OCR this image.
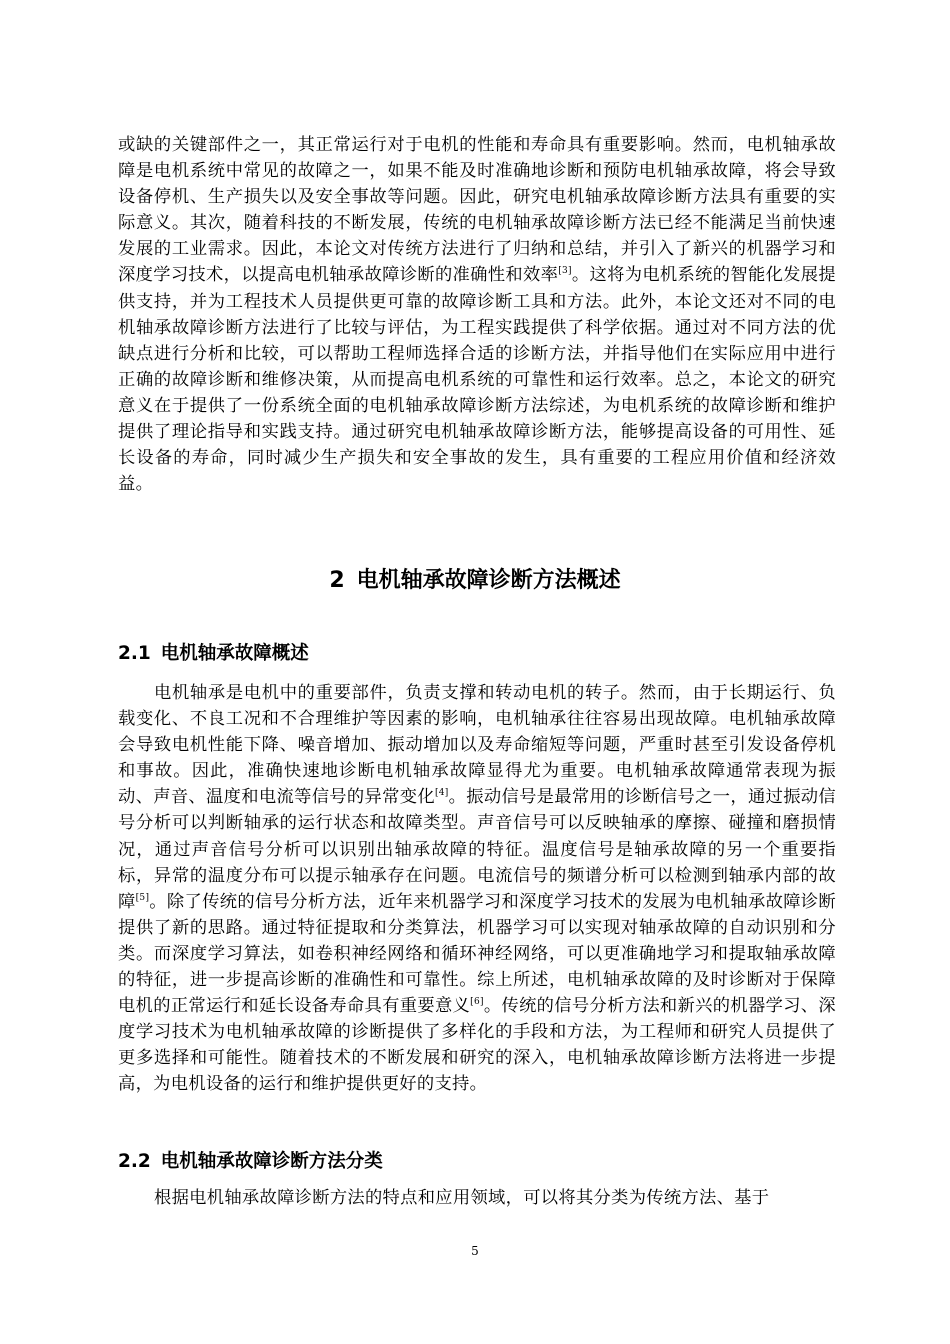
或缺的关键部件之一，其正常运行对于电机的性能和寿命具有重要影响。然而，电机轴承故障是电机系统中常见的故障之一，如果不能及时准确地诊断和预防电机轴承故障，将会导致设备停机、生产损失以及安全事故等问题。因此，研究电机轴承故障诊断方法具有重要的实际意义。其次，随着科技的不断发展，传统的电机轴承故障诊断方法已经不能满足当前快速发展的工业需求。因此，本论文对传统方法进行了归纳和总结，并引入了新兴的机器学习和深度学习技术，以提高电机轴承故障诊断的准确性和效率[3]。这将为电机系统的智能化发展提供支持，并为工程技术人员提供更可靠的故障诊断工具和方法。此外，本论文还对不同的电机轴承故障诊断方法进行了比较与评估，为工程实践提供了科学依据。通过对不同方法的优缺点进行分析和比较，可以帮助工程师选择合适的诊断方法，并指导他们在实际应用中进行正确的故障诊断和维修决策，从而提高电机系统的可靠性和运行效率。总之，本论文的研究意义在于提供了一份系统全面的电机轴承故障诊断方法综述，为电机系统的故障诊断和维护提供了理论指导和实践支持。通过研究电机轴承故障诊断方法，能够提高设备的可用性、延长设备的寿命，同时减少生产损失和安全事故的发生，具有重要的工程应用价值和经济效益。

2 电机轴承故障诊断方法概述
2.1 电机轴承故障概述

电机轴承是电机中的重要部件，负责支撑和转动电机的转子。然而，由于长期运行、负载变化、不良工况和不合理维护等因素的影响，电机轴承往往容易出现故障。电机轴承故障会导致电机性能下降、噪音增加、振动增加以及寿命缩短等问题，严重时甚至引发设备停机和事故。因此，准确快速地诊断电机轴承故障显得尤为重要。电机轴承故障通常表现为振动、声音、温度和电流等信号的异常变化[4]。振动信号是最常用的诊断信号之一，通过振动信号分析可以判断轴承的运行状态和故障类型。声音信号可以反映轴承的摩擦、碰撞和磨损情况，通过声音信号分析可以识别出轴承故障的特征。温度信号是轴承故障的另一个重要指标，异常的温度分布可以提示轴承存在问题。电流信号的频谱分析可以检测到轴承内部的故障[5]。除了传统的信号分析方法，近年来机器学习和深度学习技术的发展为电机轴承故障诊断提供了新的思路。通过特征提取和分类算法，机器学习可以实现对轴承故障的自动识别和分类。而深度学习算法，如卷积神经网络和循环神经网络，可以更准确地学习和提取轴承故障的特征，进一步提高诊断的准确性和可靠性。综上所述，电机轴承故障的及时诊断对于保障电机的正常运行和延长设备寿命具有重要意义[6]。传统的信号分析方法和新兴的机器学习、深度学习技术为电机轴承故障的诊断提供了多样化的手段和方法，为工程师和研究人员提供了更多选择和可能性。随着技术的不断发展和研究的深入，电机轴承故障诊断方法将进一步提高，为电机设备的运行和维护提供更好的支持。

2.2 电机轴承故障诊断方法分类

根据电机轴承故障诊断方法的特点和应用领域，可以将其分类为传统方法、基于

5
